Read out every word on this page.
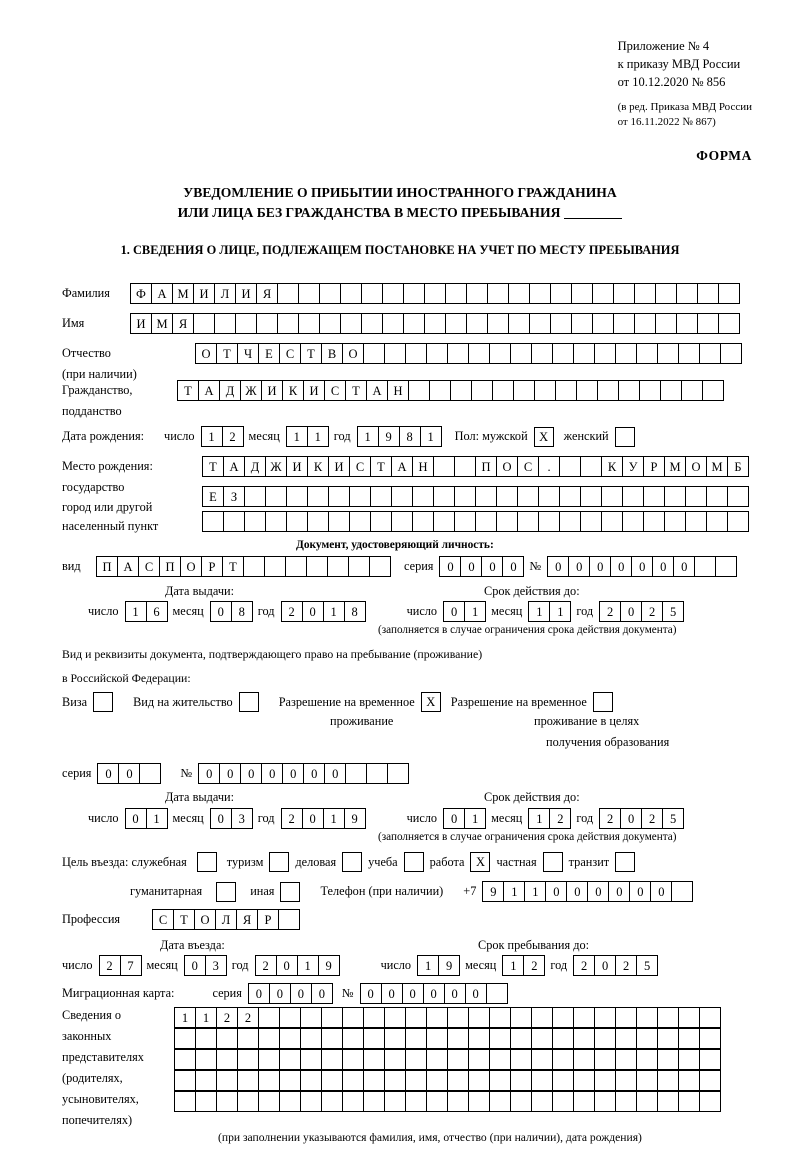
Приложение № 4
к приказу МВД России
от 10.12.2020 № 856
(в ред. Приказа МВД России
от 16.11.2022 № 867)
ФОРМА
УВЕДОМЛЕНИЕ О ПРИБЫТИИ ИНОСТРАННОГО ГРАЖДАНИНА
ИЛИ ЛИЦА БЕЗ ГРАЖДАНСТВА В МЕСТО ПРЕБЫВАНИЯ
1. СВЕДЕНИЯ О ЛИЦЕ, ПОДЛЕЖАЩЕМ ПОСТАНОВКЕ НА УЧЕТ ПО МЕСТУ ПРЕБЫВАНИЯ
Фамилия	Ф А М И Л И Я
Имя	И М Я
Отчество	О	Т	Ч	Е	С	Т	В О
(при наличии)
Гражданство,	Т	А Д Ж И К И С	Т	А Н
подданство
Дата рождения: число	1	2	месяц	1	1	год	1	9	8	1	Пол: мужской Х	женский
Место рождения:	Т	А Д Ж И К И С	Т	А Н	П О С	.	К У	Р М О М Б
государство
Е	З
город или другой
населенный пункт
Документ, удостоверяющий личность:
вид	П А С П О	Р	Т	серия	0	0	0	0	№	0	0	0	0	0	0	0
Дата выдачи:	Срок действия до:
число	1	6	месяц	0	8	год	2	0	1	8	число	0	1	месяц	1	1	год	2	0	2	5
(заполняется в случае ограничения срока действия документа)
Вид и реквизиты документа, подтверждающего право на пребывание (проживание)
в Российской Федерации:
Виза	Вид на жительство	Разрешение на временное Х	Разрешение на временное
проживание	проживание в целях
получения образования
серия	0	0	№	0	0	0	0	0	0	0
Дата выдачи:	Срок действия до:
число	0	1	месяц	0	3	год	2	0	1	9	число	0	1	месяц	1	2	год	2	0	2	5
(заполняется в случае ограничения срока действия документа)
Цель въезда: служебная	туризм	деловая	учеба	работа Х частная	транзит
гуманитарная	иная	Телефон (при наличии) +7	9	1	1	0	0	0	0	0	0
Профессия	С	Т	О Л	Я	Р
Дата въезда:	Срок пребывания до:
число	2	7	месяц	0	3	год	2	0	1	9	число	1	9	месяц	1	2	год	2	0	2	5
Миграционная карта:	серия	0	0	0	0	№	0	0	0	0	0	0
Сведения о
законных
представителях
(родителях,
усыновителях,
попечителях)
1	1	2	2
(при заполнении указываются фамилия, имя, отчество (при наличии), дата рождения)
